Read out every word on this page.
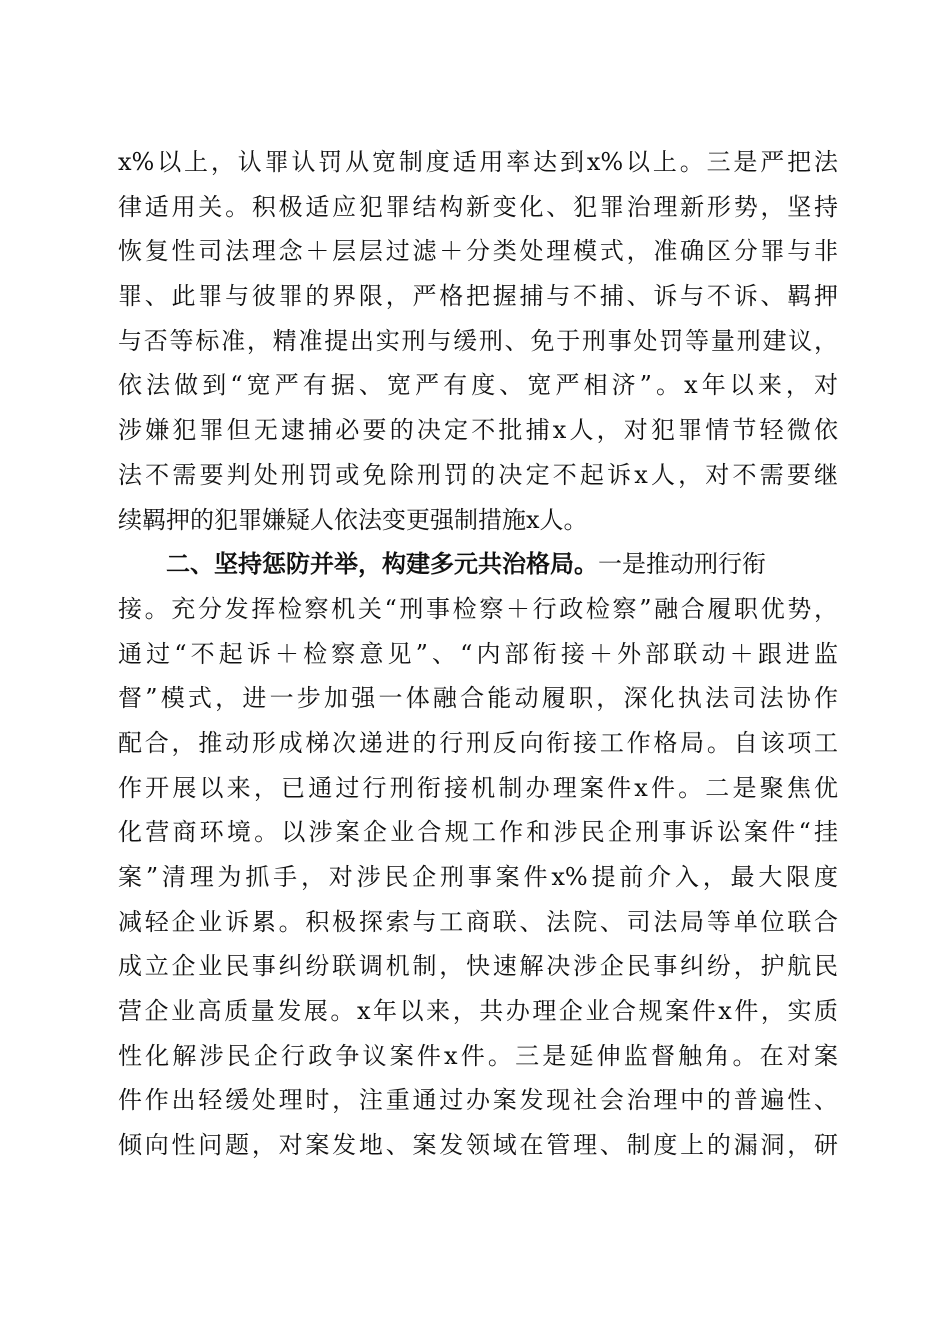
x%以上，认罪认罚从宽制度适用率达到x%以上。三是严把法
律适用关。积极适应犯罪结构新变化、犯罪治理新形势，坚持
恢复性司法理念＋层层过滤＋分类处理模式，准确区分罪与非
罪、此罪与彼罪的界限，严格把握捕与不捕、诉与不诉、羁押
与否等标准，精准提出实刑与缓刑、免于刑事处罚等量刑建议，
依法做到“宽严有据、宽严有度、宽严相济”。x年以来，对
涉嫌犯罪但无逮捕必要的决定不批捕x人，对犯罪情节轻微依
法不需要判处刑罚或免除刑罚的决定不起诉x人，对不需要继
续羁押的犯罪嫌疑人依法变更强制措施x人。
二、坚持惩防并举，构建多元共治格局。一是推动刑行衔
接。充分发挥检察机关“刑事检察＋行政检察”融合履职优势，
通过“不起诉＋检察意见”、“内部衔接＋外部联动＋跟进监
督”模式，进一步加强一体融合能动履职，深化执法司法协作
配合，推动形成梯次递进的行刑反向衔接工作格局。自该项工
作开展以来，已通过行刑衔接机制办理案件x件。二是聚焦优
化营商环境。以涉案企业合规工作和涉民企刑事诉讼案件“挂
案”清理为抓手，对涉民企刑事案件x%提前介入，最大限度
减轻企业诉累。积极探索与工商联、法院、司法局等单位联合
成立企业民事纠纷联调机制，快速解决涉企民事纠纷，护航民
营企业高质量发展。x年以来，共办理企业合规案件x件，实质
性化解涉民企行政争议案件x件。三是延伸监督触角。在对案
件作出轻缓处理时，注重通过办案发现社会治理中的普遍性、
倾向性问题，对案发地、案发领域在管理、制度上的漏洞，研
